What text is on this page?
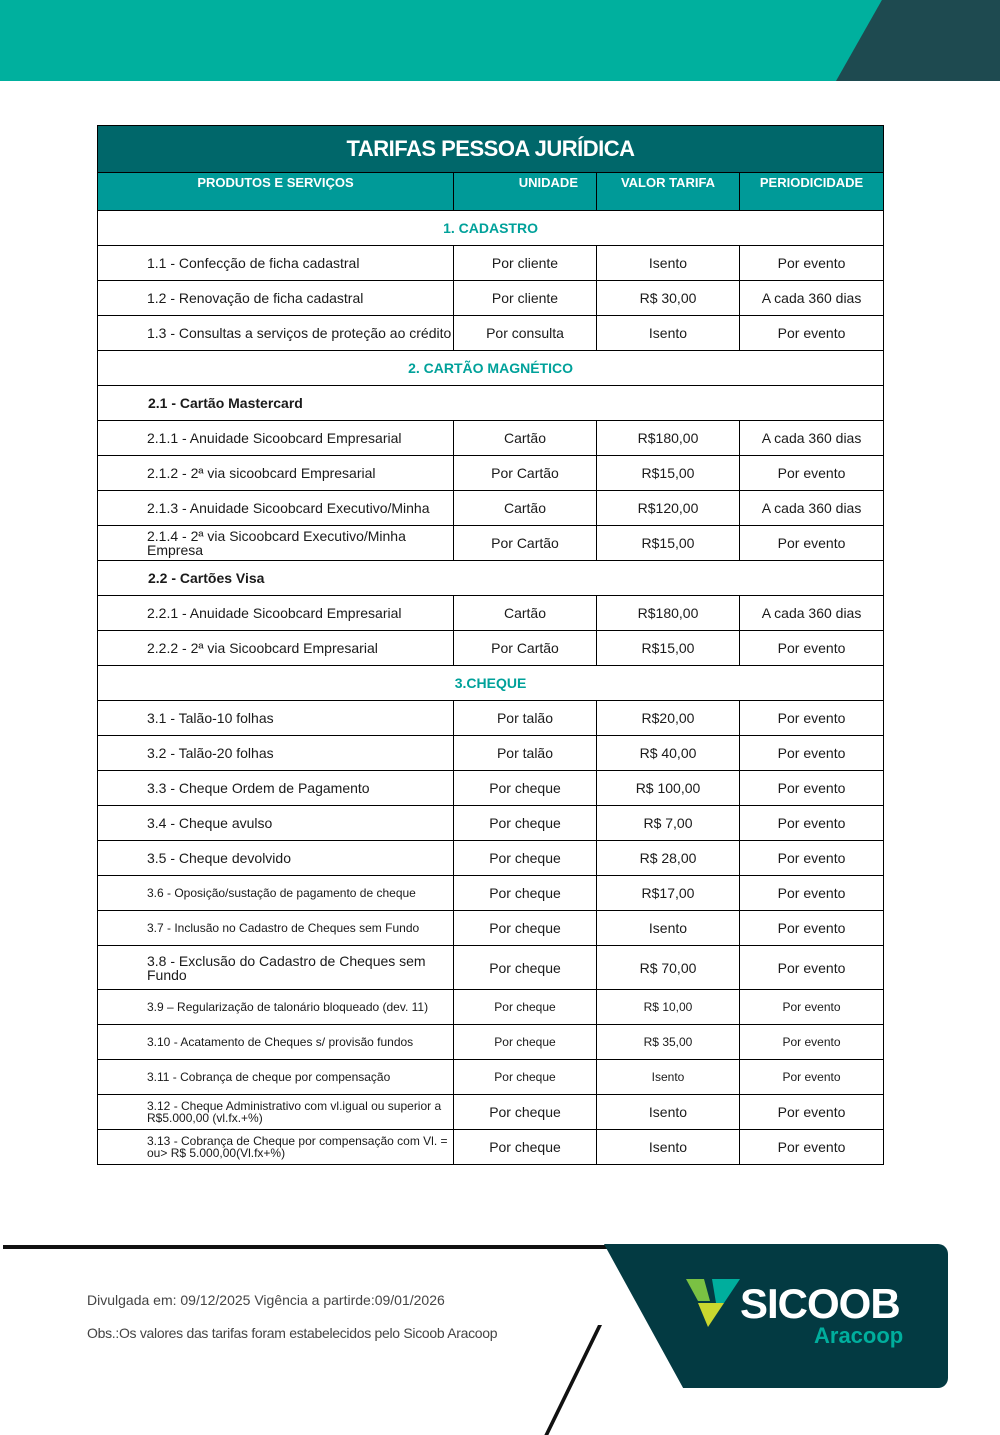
TARIFAS PESSOA JURÍDICA			
PRODUTOS E SERVIÇOS	UNIDADE	VALOR TARIFA	PERIODICIDADE
1. CADASTRO			
1.1 - Confecção de ficha cadastral	Por cliente	Isento	Por evento
1.2 - Renovação de ficha cadastral	Por cliente	R$ 30,00	A cada 360 dias
1.3 - Consultas a serviços de proteção ao crédito	Por consulta	Isento	Por evento
2. CARTÃO MAGNÉTICO			
2.1 - Cartão Mastercard			
2.1.1 - Anuidade Sicoobcard Empresarial	Cartão	R$180,00	A cada 360 dias
2.1.2 - 2ª via sicoobcard Empresarial	Por Cartão	R$15,00	Por evento
2.1.3 - Anuidade Sicoobcard Executivo/Minha	Cartão	R$120,00	A cada 360 dias
2.1.4 - 2ª via Sicoobcard Executivo/Minha Empresa	Por Cartão	R$15,00	Por evento
2.2 - Cartões Visa			
2.2.1 - Anuidade Sicoobcard Empresarial	Cartão	R$180,00	A cada 360 dias
2.2.2 - 2ª via Sicoobcard Empresarial	Por Cartão	R$15,00	Por evento
3.CHEQUE			
3.1 - Talão-10 folhas	Por talão	R$20,00	Por evento
3.2 - Talão-20 folhas	Por talão	R$ 40,00	Por evento
3.3 - Cheque Ordem de Pagamento	Por cheque	R$ 100,00	Por evento
3.4 - Cheque avulso	Por cheque	R$ 7,00	Por evento
3.5 - Cheque devolvido	Por cheque	R$ 28,00	Por evento
3.6 - Oposição/sustação de pagamento de cheque	Por cheque	R$17,00	Por evento
3.7 - Inclusão no Cadastro de Cheques sem Fundo	Por cheque	Isento	Por evento
3.8 - Exclusão do Cadastro de Cheques sem Fundo	Por cheque	R$ 70,00	Por evento
3.9 – Regularização de talonário bloqueado (dev. 11)	Por cheque	R$ 10,00	Por evento
3.10 - Acatamento de Cheques s/ provisão fundos	Por cheque	R$ 35,00	Por evento
3.11 - Cobrança de cheque por compensação	Por cheque	Isento	Por evento
3.12 - Cheque Administrativo com vl.igual ou superior a R$5.000,00 (vl.fx.+%)	Por cheque	Isento	Por evento
3.13 - Cobrança de Cheque por compensação com Vl. = ou> R$ 5.000,00(Vl.fx+%)	Por cheque	Isento	Por evento
SICOOB
Aracoop
Divulgada em: 09/12/2025 Vigência a partirde:09/01/2026
Obs.:Os valores das tarifas foram estabelecidos pelo Sicoob Aracoop
